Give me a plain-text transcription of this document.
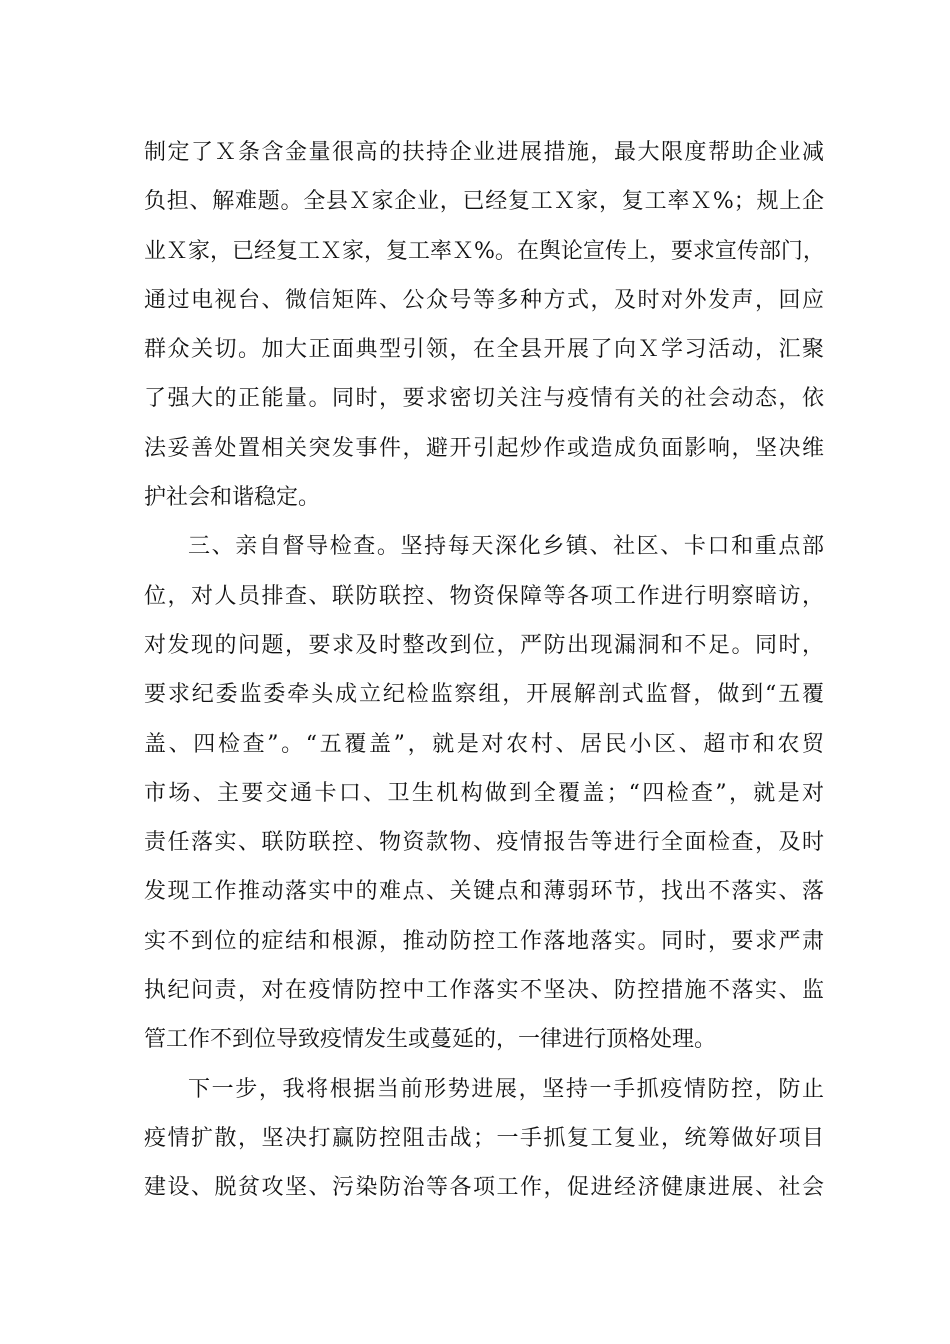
制定了Ｘ条含金量很高的扶持企业进展措施，最大限度帮助企业减
负担、解难题。全县Ｘ家企业，已经复工Ｘ家，复工率Ｘ%；规上企
业Ｘ家，已经复工Ｘ家，复工率Ｘ%。在舆论宣传上，要求宣传部门，
通过电视台、微信矩阵、公众号等多种方式，及时对外发声，回应
群众关切。加大正面典型引领，在全县开展了向Ｘ学习活动，汇聚
了强大的正能量。同时，要求密切关注与疫情有关的社会动态，依
法妥善处置相关突发事件，避开引起炒作或造成负面影响，坚决维
护社会和谐稳定。
三、亲自督导检查。坚持每天深化乡镇、社区、卡口和重点部
位，对人员排查、联防联控、物资保障等各项工作进行明察暗访，
对发现的问题，要求及时整改到位，严防出现漏洞和不足。同时，
要求纪委监委牵头成立纪检监察组，开展解剖式监督，做到“五覆
盖、四检查”。“五覆盖”，就是对农村、居民小区、超市和农贸
市场、主要交通卡口、卫生机构做到全覆盖；“四检查”，就是对
责任落实、联防联控、物资款物、疫情报告等进行全面检查，及时
发现工作推动落实中的难点、关键点和薄弱环节，找出不落实、落
实不到位的症结和根源，推动防控工作落地落实。同时，要求严肃
执纪问责，对在疫情防控中工作落实不坚决、防控措施不落实、监
管工作不到位导致疫情发生或蔓延的，一律进行顶格处理。
下一步，我将根据当前形势进展，坚持一手抓疫情防控，防止
疫情扩散，坚决打赢防控阻击战；一手抓复工复业，统筹做好项目
建设、脱贫攻坚、污染防治等各项工作，促进经济健康进展、社会
